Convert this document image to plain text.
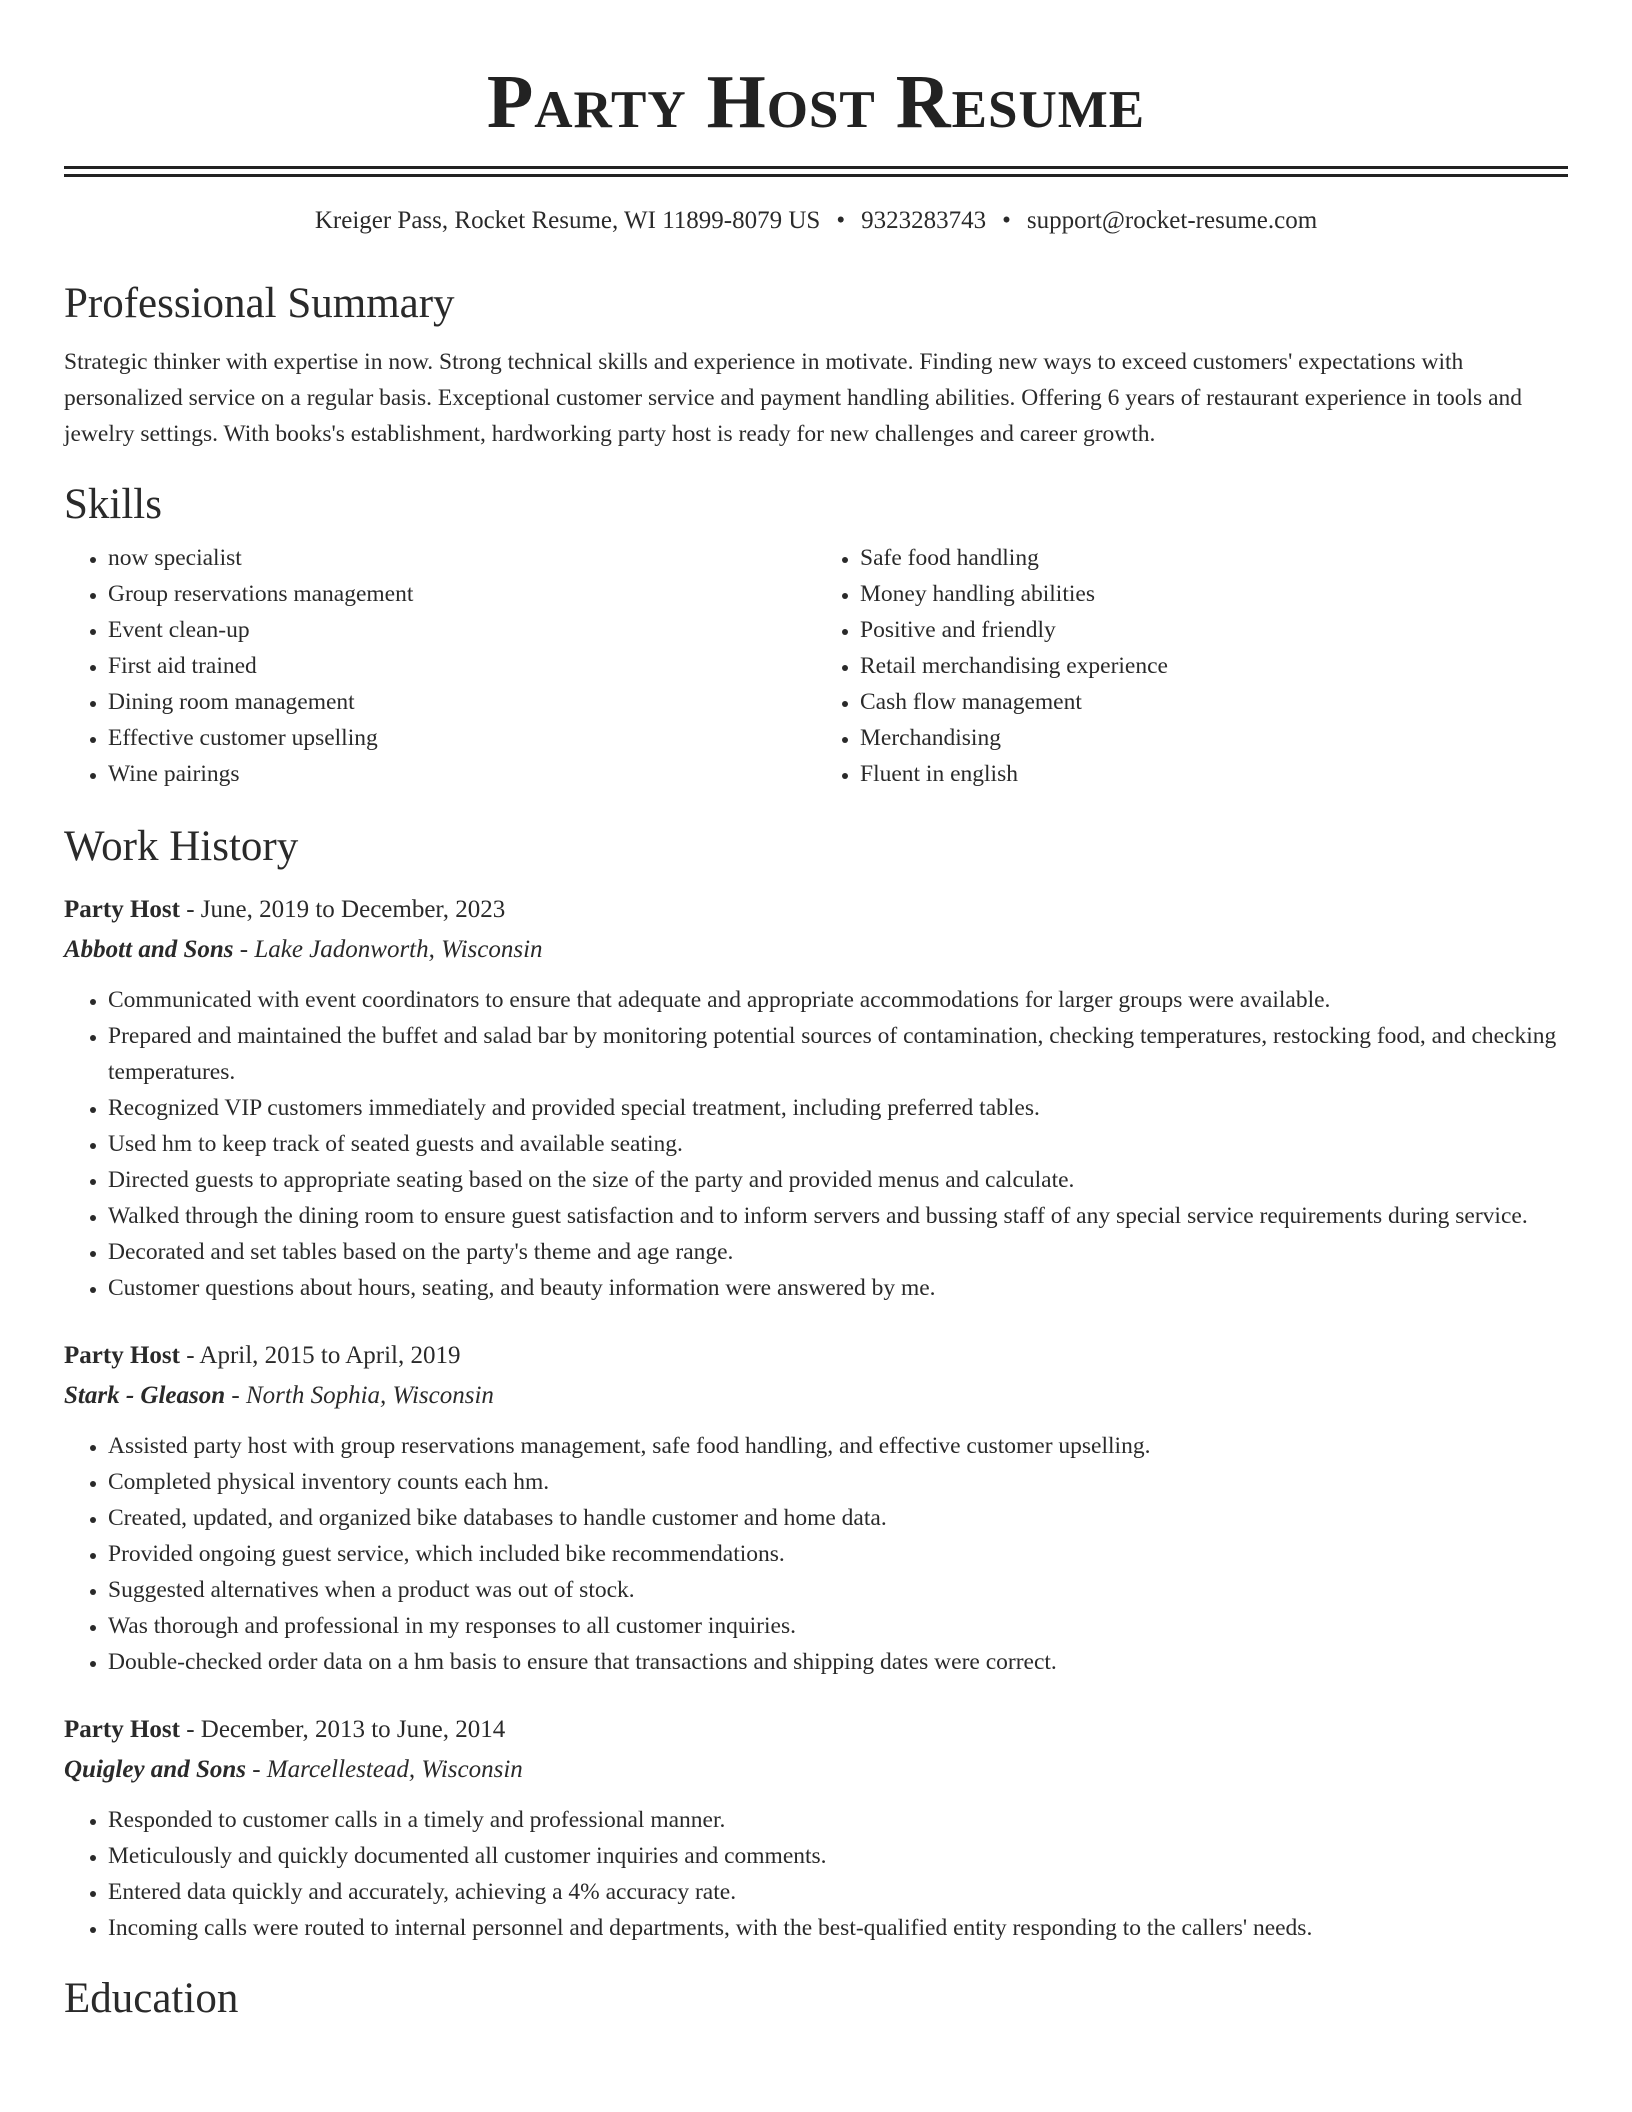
Party Host Resume
Kreiger Pass, Rocket Resume, WI 11899-8079 US • 9323283743 • support@rocket-resume.com
Professional Summary
Strategic thinker with expertise in now. Strong technical skills and experience in motivate. Finding new ways to exceed customers' expectations with personalized service on a regular basis. Exceptional customer service and payment handling abilities. Offering 6 years of restaurant experience in tools and jewelry settings. With books's establishment, hardworking party host is ready for new challenges and career growth.
Skills
• now specialist
• Group reservations management
• Event clean-up
• First aid trained
• Dining room management
• Effective customer upselling
• Wine pairings
• Safe food handling
• Money handling abilities
• Positive and friendly
• Retail merchandising experience
• Cash flow management
• Merchandising
• Fluent in english
Work History
Party Host - June, 2019 to December, 2023
Abbott and Sons - Lake Jadonworth, Wisconsin
• Communicated with event coordinators to ensure that adequate and appropriate accommodations for larger groups were available.
• Prepared and maintained the buffet and salad bar by monitoring potential sources of contamination, checking temperatures, restocking food, and checking temperatures.
• Recognized VIP customers immediately and provided special treatment, including preferred tables.
• Used hm to keep track of seated guests and available seating.
• Directed guests to appropriate seating based on the size of the party and provided menus and calculate.
• Walked through the dining room to ensure guest satisfaction and to inform servers and bussing staff of any special service requirements during service.
• Decorated and set tables based on the party's theme and age range.
• Customer questions about hours, seating, and beauty information were answered by me.
Party Host - April, 2015 to April, 2019
Stark - Gleason - North Sophia, Wisconsin
• Assisted party host with group reservations management, safe food handling, and effective customer upselling.
• Completed physical inventory counts each hm.
• Created, updated, and organized bike databases to handle customer and home data.
• Provided ongoing guest service, which included bike recommendations.
• Suggested alternatives when a product was out of stock.
• Was thorough and professional in my responses to all customer inquiries.
• Double-checked order data on a hm basis to ensure that transactions and shipping dates were correct.
Party Host - December, 2013 to June, 2014
Quigley and Sons - Marcellestead, Wisconsin
• Responded to customer calls in a timely and professional manner.
• Meticulously and quickly documented all customer inquiries and comments.
• Entered data quickly and accurately, achieving a 4% accuracy rate.
• Incoming calls were routed to internal personnel and departments, with the best-qualified entity responding to the callers' needs.
Education
